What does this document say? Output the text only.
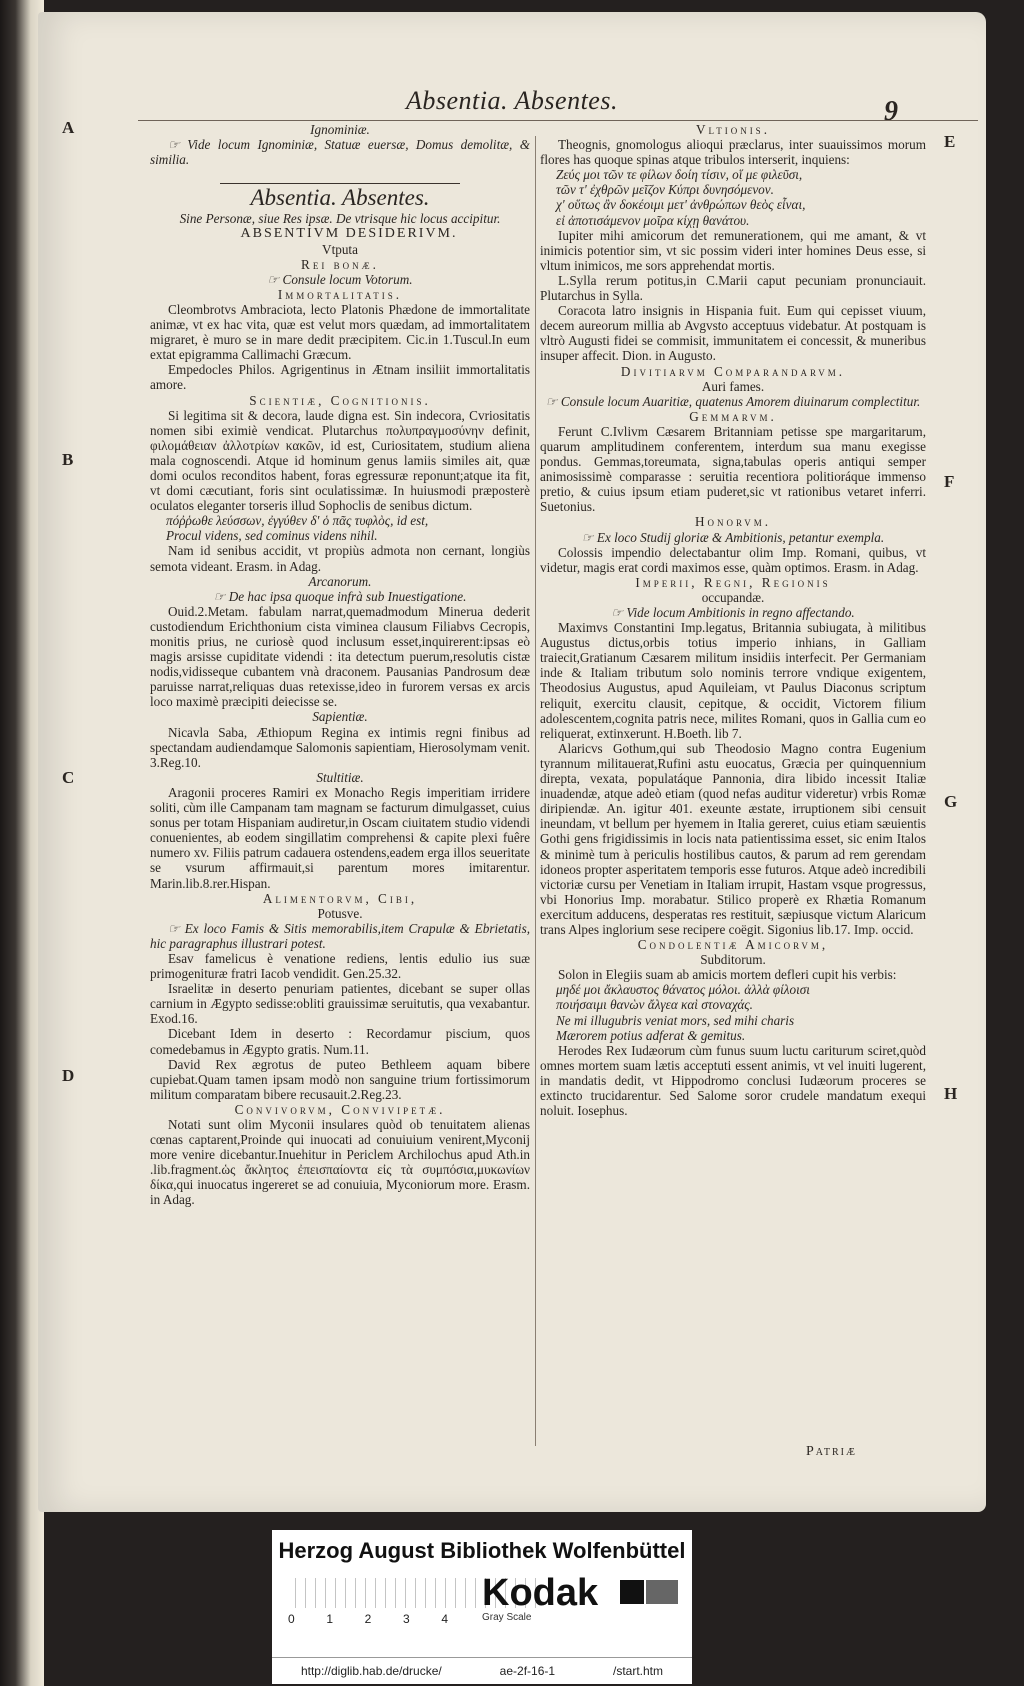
Absentia. Absentes.	9
A
B
C
D
E
F
G
H

Ignominiæ.

☞ Vide locum Ignominiæ, Statuæ euersæ, Domus demolitæ, & similia.

Absentia. Absentes.

Sine Personæ, siue Res ipsæ. De vtrisque hic locus accipitur.

ABSENTIVM DESIDERIVM.

Vtputa

Rei bonæ.

☞ Consule locum Votorum.

Immortalitatis.

Cleombrotvs Ambraciota, lecto Platonis Phædone de immortalitate animæ, vt ex hac vita, quæ est velut mors quædam, ad immortalitatem migraret, è muro se in mare dedit præcipitem. Cic.in 1.Tuscul.In eum extat epigramma Callimachi Græcum.

Empedocles Philos. Agrigentinus in Ætnam insiliit immortalitatis amore.

Scientiæ, Cognitionis.

Si legitima sit & decora, laude digna est. Sin indecora, Cvriositatis nomen sibi eximiè vendicat. Plutarchus πολυπραγμοσύνην definit, φιλομάθειαν ἀλλοτρίων κακῶν, id est, Curiositatem, studium aliena mala cognoscendi. Atque id hominum genus lamiis similes ait, quæ domi oculos reconditos habent, foras egressuræ reponunt;atque ita fit, vt domi cæcutiant, foris sint oculatissimæ. In huiusmodi præposterè oculatos eleganter torseris illud Sophoclis de senibus dictum.

πόῤῥωθε λεύσσων, ἐγγύθεν δ' ὁ πᾶς τυφλὸς, id est,

Procul videns, sed cominus videns nihil.

Nam id senibus accidit, vt propiùs admota non cernant, longiùs semota videant. Erasm. in Adag.

Arcanorum.

☞ De hac ipsa quoque infrà sub Inuestigatione.

Ouid.2.Metam. fabulam narrat,quemadmodum Minerua dederit custodiendum Erichthonium cista viminea clausum Filiabvs Cecropis, monitis prius, ne curiosè quod inclusum esset,inquirerent:ipsas eò magis arsisse cupiditate videndi : ita detectum puerum,resolutis cistæ nodis,vidisseque cubantem vnà draconem. Pausanias Pandrosum deæ paruisse narrat,reliquas duas retexisse,ideo in furorem versas ex arcis loco maximè præcipiti deiecisse se.

Sapientiæ.

Nicavla Saba, Æthiopum Regina ex intimis regni finibus ad spectandam audiendamque Salomonis sapientiam, Hierosolymam venit. 3.Reg.10.

Stultitiæ.

Aragonii proceres Ramiri ex Monacho Regis imperitiam irridere soliti, cùm ille Campanam tam magnam se facturum dimulgasset, cuius sonus per totam Hispaniam audiretur,in Oscam ciuitatem studio videndi conuenientes, ab eodem singillatim comprehensi & capite plexi fuêre numero xv. Filiis patrum cadauera ostendens,eadem erga illos seueritate se vsurum affirmauit,si parentum mores imitarentur. Marin.lib.8.rer.Hispan.

Alimentorvm, Cibi,

Potusve.

☞ Ex loco Famis & Sitis memorabilis,item Crapulæ & Ebrietatis, hic paragraphus illustrari potest.

Esav famelicus è venatione rediens, lentis edulio ius suæ primogenituræ fratri Iacob vendidit. Gen.25.32.

Israelitæ in deserto penuriam patientes, dicebant se super ollas carnium in Ægypto sedisse:obliti grauissimæ seruitutis, qua vexabantur. Exod.16.

Dicebant Idem in deserto : Recordamur piscium, quos comedebamus in Ægypto gratis. Num.11.

David Rex ægrotus de puteo Bethleem aquam bibere cupiebat.Quam tamen ipsam modò non sanguine trium fortissimorum militum comparatam bibere recusauit.2.Reg.23.

Convivorvm, Convivipetæ.

Notati sunt olim Myconii insulares quòd ob tenuitatem alienas cœnas captarent,Proinde qui inuocati ad conuiuium venirent,Myconij more venire dicebantur.Inuehitur in Periclem Archilochus apud Ath.in .lib.fragment.ὡς ἄκλητος ἐπεισπαίοντα εἰς τὰ συμπόσια,μυκωνίων δίκα,qui inuocatus ingereret se ad conuiuia, Myconiorum more. Erasm. in Adag.

Vltionis.

Theognis, gnomologus alioqui præclarus, inter suauissimos morum flores has quoque spinas atque tribulos interserit, inquiens:

Ζεύς μοι τῶν τε φίλων δοίη τίσιν, οἵ με φιλεῦσι,

τῶν τ' ἐχθρῶν μεῖζον Κύπρι δυνησόμενον.

χ' οὕτως ἂν δοκέοιμι μετ' ἀνθρώπων θεὸς εἶναι,

εἰ ἀποτισάμενον μοῖρα κίχῃ θανάτου.

Iupiter mihi amicorum det remunerationem, qui me amant, & vt inimicis potentior sim, vt sic possim videri inter homines Deus esse, si vltum inimicos, me sors apprehendat mortis.

L.Sylla rerum potitus,in C.Marii caput pecuniam pronunciauit. Plutarchus in Sylla.

Coracota latro insignis in Hispania fuit. Eum qui cepisset viuum, decem aureorum millia ab Avgvsto acceptuus videbatur. At postquam is vltrò Augusti fidei se commisit, immunitatem ei concessit, & muneribus insuper affecit. Dion. in Augusto.

Divitiarvm Comparandarvm.

Auri fames.

☞ Consule locum Auaritiæ, quatenus Amorem diuinarum complectitur.

Gemmarvm.

Ferunt C.Ivlivm Cæsarem Britanniam petisse spe margaritarum, quarum amplitudinem conferentem, interdum sua manu exegisse pondus. Gemmas,toreumata, signa,tabulas operis antiqui semper animosissimè comparasse : seruitia recentiora politioráque immenso pretio, & cuius ipsum etiam puderet,sic vt rationibus vetaret inferri. Suetonius.

Honorvm.

☞ Ex loco Studij gloriæ & Ambitionis, petantur exempla.

Colossis impendio delectabantur olim Imp. Romani, quibus, vt videtur, magis erat cordi maximos esse, quàm optimos. Erasm. in Adag.

Imperii, Regni, Regionis

occupandæ.

☞ Vide locum Ambitionis in regno affectando.

Maximvs Constantini Imp.legatus, Britannia subiugata, à militibus Augustus dictus,orbis totius imperio inhians, in Galliam traiecit,Gratianum Cæsarem militum insidiis interfecit. Per Germaniam inde & Italiam tributum solo nominis terrore vndique exigentem, Theodosius Augustus, apud Aquileiam, vt Paulus Diaconus scriptum reliquit, exercitu clausit, cepitque, & occidit, Victorem filium adolescentem,cognita patris nece, milites Romani, quos in Gallia cum eo reliquerat, extinxerunt. H.Boeth. lib 7.

Alaricvs Gothum,qui sub Theodosio Magno contra Eugenium tyrannum militauerat,Rufini astu euocatus, Græcia per quinquennium direpta, vexata, populatáque Pannonia, dira libido incessit Italiæ inuadendæ, atque adeò etiam (quod nefas auditur videretur) vrbis Romæ diripiendæ. An. igitur 401. exeunte æstate, irruptionem sibi censuit ineundam, vt bellum per hyemem in Italia gereret, cuius etiam sæuientis Gothi gens frigidissimis in locis nata patientissima esset, sic enim Italos & minimè tum à periculis hostilibus cautos, & parum ad rem gerendam idoneos propter asperitatem temporis esse futuros. Atque adeò incredibili victoriæ cursu per Venetiam in Italiam irrupit, Hastam vsque progressus, vbi Honorius Imp. morabatur. Stilico properè ex Rhætia Romanum exercitum adducens, desperatas res restituit, sæpiusque victum Alaricum trans Alpes inglorium sese recipere coëgit. Sigonius lib.17. Imp. occid.

Condolentiæ Amicorvm,

Subditorum.

Solon in Elegiis suam ab amicis mortem defleri cupit his verbis:

μηδέ μοι ἄκλαυστος θάνατος μόλοι. ἀλλὰ φίλοισι

ποιήσαιμι θανὼν ἄλγεα καὶ στοναχάς.

Ne mi illugubris veniat mors, sed mihi charis

Mærorem potius adferat & gemitus.

Herodes Rex Iudæorum cùm funus suum luctu cariturum sciret,quòd omnes mortem suam lætis acceptuti essent animis, vt vel inuiti lugerent, in mandatis dedit, vt Hippodromo conclusi Iudæorum proceres se extincto trucidarentur. Sed Salome soror crudele mandatum exequi noluit. Iosephus.

Patriæ
Herzog August Bibliothek Wolfenbüttel
0	1	2	3	4
Kodak
Gray Scale
http://diglib.hab.de/drucke/	ae-2f-16-1	/start.htm
